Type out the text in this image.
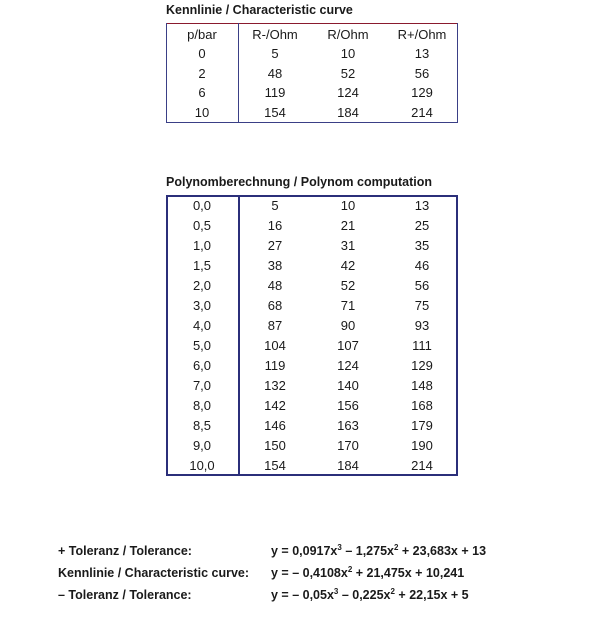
Kennlinie / Characteristic curve
p/bar	R-/Ohm	R/Ohm	R+/Ohm
0	5	10	13
2	48	52	56
6	119	124	129
10	154	184	214
Polynomberechnung / Polynom computation
0,0	5	10	13
0,5	16	21	25
1,0	27	31	35
1,5	38	42	46
2,0	48	52	56
3,0	68	71	75
4,0	87	90	93
5,0	104	107	111
6,0	119	124	129
7,0	132	140	148
8,0	142	156	168
8,5	146	163	179
9,0	150	170	190
10,0	154	184	214
+ Toleranz / Tolerance:	$y = 0,0917x^3 - 1,275x^2 + 23,683x + 13$
Kennlinie / Characteristic curve: y = – $0,4108x^2 + 21,475x + 10,241$
– Toleranz / Tolerance:	y = – $0,05x^3 - 0,225x^2 + 22,15x + 5$
